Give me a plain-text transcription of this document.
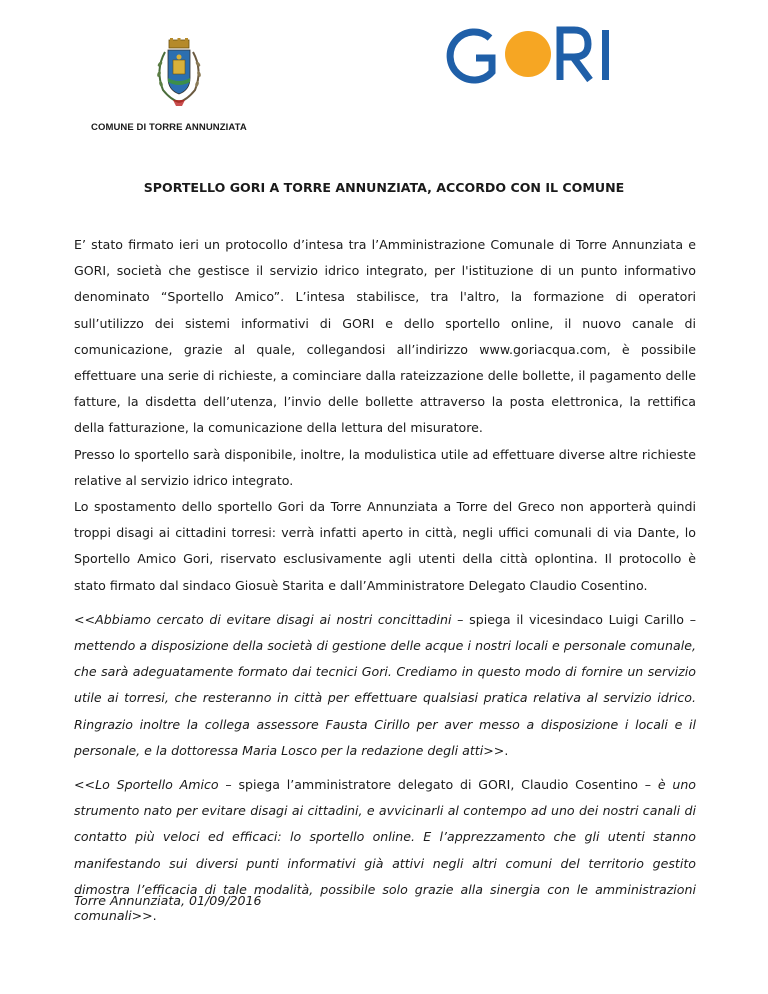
COMUNE DI TORRE ANNUNZIATA
SPORTELLO GORI A TORRE ANNUNZIATA, ACCORDO CON IL COMUNE

E’ stato firmato ieri un protocollo d’intesa tra l’Amministrazione Comunale di Torre Annunziata e GORI, società che gestisce il servizio idrico integrato, per l'istituzione di un punto informativo denominato “Sportello Amico”. L’intesa stabilisce, tra l'altro, la formazione di operatori sull’utilizzo dei sistemi informativi di GORI e dello sportello online, il nuovo canale di comunicazione, grazie al quale, collegandosi all’indirizzo www.goriacqua.com, è possibile effettuare una serie di richieste, a cominciare dalla rateizzazione delle bollette, il pagamento delle fatture, la disdetta dell’utenza, l’invio delle bollette attraverso la posta elettronica, la rettifica della fatturazione, la comunicazione della lettura del misuratore.

Presso lo sportello sarà disponibile, inoltre, la modulistica utile ad effettuare diverse altre richieste relative al servizio idrico integrato.

Lo spostamento dello sportello Gori da Torre Annunziata a Torre del Greco non apporterà quindi troppi disagi ai cittadini torresi: verrà infatti aperto in città, negli uffici comunali di via Dante, lo Sportello Amico Gori, riservato esclusivamente agli utenti della città oplontina. Il protocollo è stato firmato dal sindaco Giosuè Starita e dall’Amministratore Delegato Claudio Cosentino.

<<Abbiamo cercato di evitare disagi ai nostri concittadini – spiega il vicesindaco Luigi Carillo – mettendo a disposizione della società di gestione delle acque i nostri locali e personale comunale, che sarà adeguatamente formato dai tecnici Gori. Crediamo in questo modo di fornire un servizio utile ai torresi, che resteranno in città per effettuare qualsiasi pratica relativa al servizio idrico. Ringrazio inoltre la collega assessore Fausta Cirillo per aver messo a disposizione i locali e il personale, e la dottoressa Maria Losco per la redazione degli atti>>.

<<Lo Sportello Amico – spiega l’amministratore delegato di GORI, Claudio Cosentino – è uno strumento nato per evitare disagi ai cittadini, e avvicinarli al contempo ad uno dei nostri canali di contatto più veloci ed efficaci: lo sportello online. E l’apprezzamento che gli utenti stanno manifestando sui diversi punti informativi già attivi negli altri comuni del territorio gestito dimostra l’efficacia di tale modalità, possibile solo grazie alla sinergia con le amministrazioni comunali>>.

Torre Annunziata, 01/09/2016
